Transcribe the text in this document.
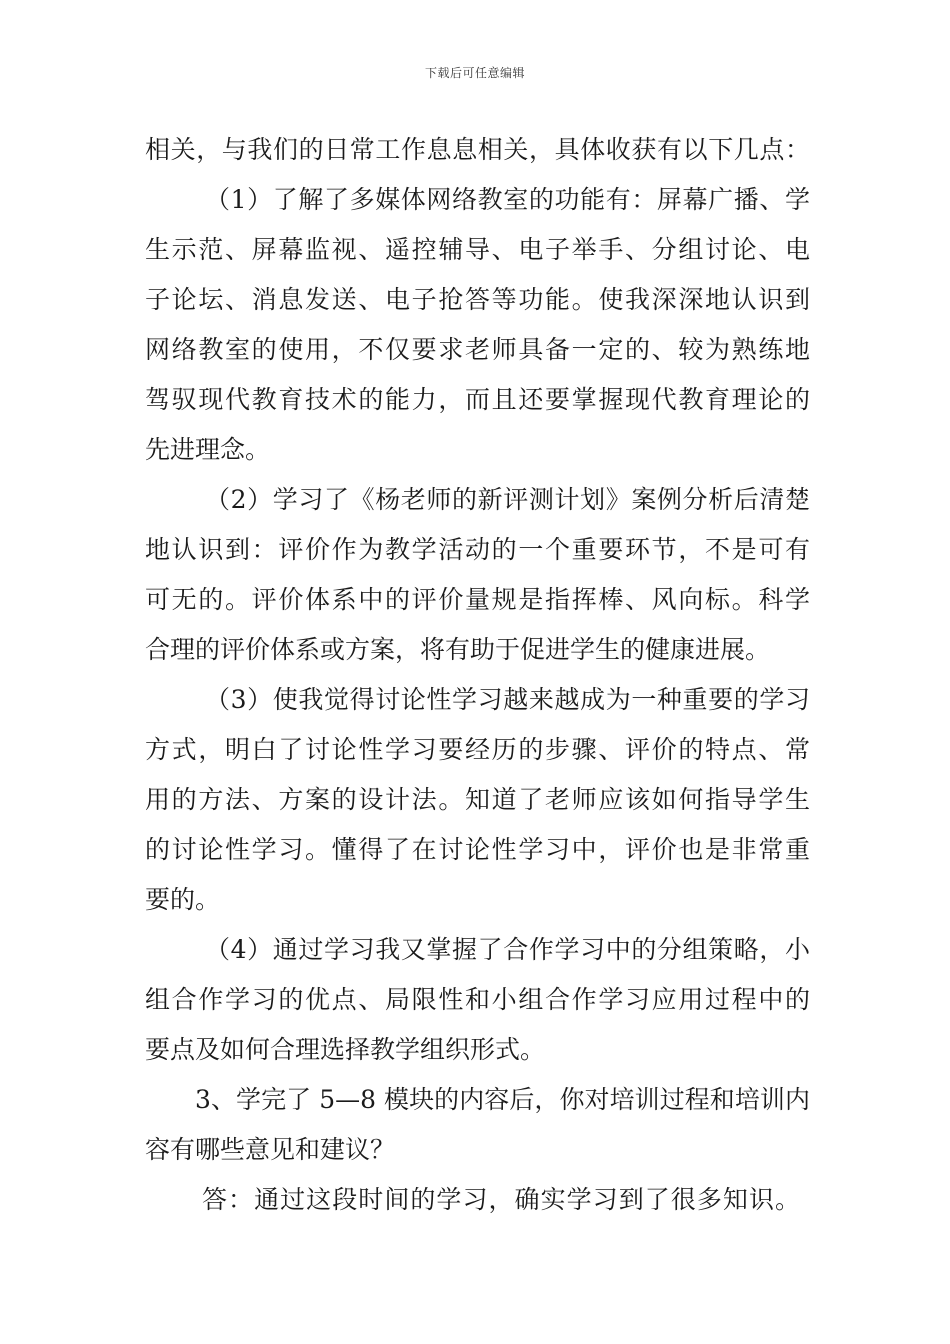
下载后可任意编辑
相关，与我们的日常工作息息相关，具体收获有以下几点：
（1）了解了多媒体网络教室的功能有：屏幕广播、学
生示范、屏幕监视、遥控辅导、电子举手、分组讨论、电
子论坛、消息发送、电子抢答等功能。使我深深地认识到
网络教室的使用，不仅要求老师具备一定的、较为熟练地
驾驭现代教育技术的能力，而且还要掌握现代教育理论的
先进理念。
（2）学习了《杨老师的新评测计划》案例分析后清楚
地认识到：评价作为教学活动的一个重要环节，不是可有
可无的。评价体系中的评价量规是指挥棒、风向标。科学
合理的评价体系或方案，将有助于促进学生的健康进展。
（3）使我觉得讨论性学习越来越成为一种重要的学习
方式，明白了讨论性学习要经历的步骤、评价的特点、常
用的方法、方案的设计法。知道了老师应该如何指导学生
的讨论性学习。懂得了在讨论性学习中，评价也是非常重
要的。
（4）通过学习我又掌握了合作学习中的分组策略，小
组合作学习的优点、局限性和小组合作学习应用过程中的
要点及如何合理选择教学组织形式。
3、学完了 5—8 模块的内容后，你对培训过程和培训内
容有哪些意见和建议？
答：通过这段时间的学习，确实学习到了很多知识。
